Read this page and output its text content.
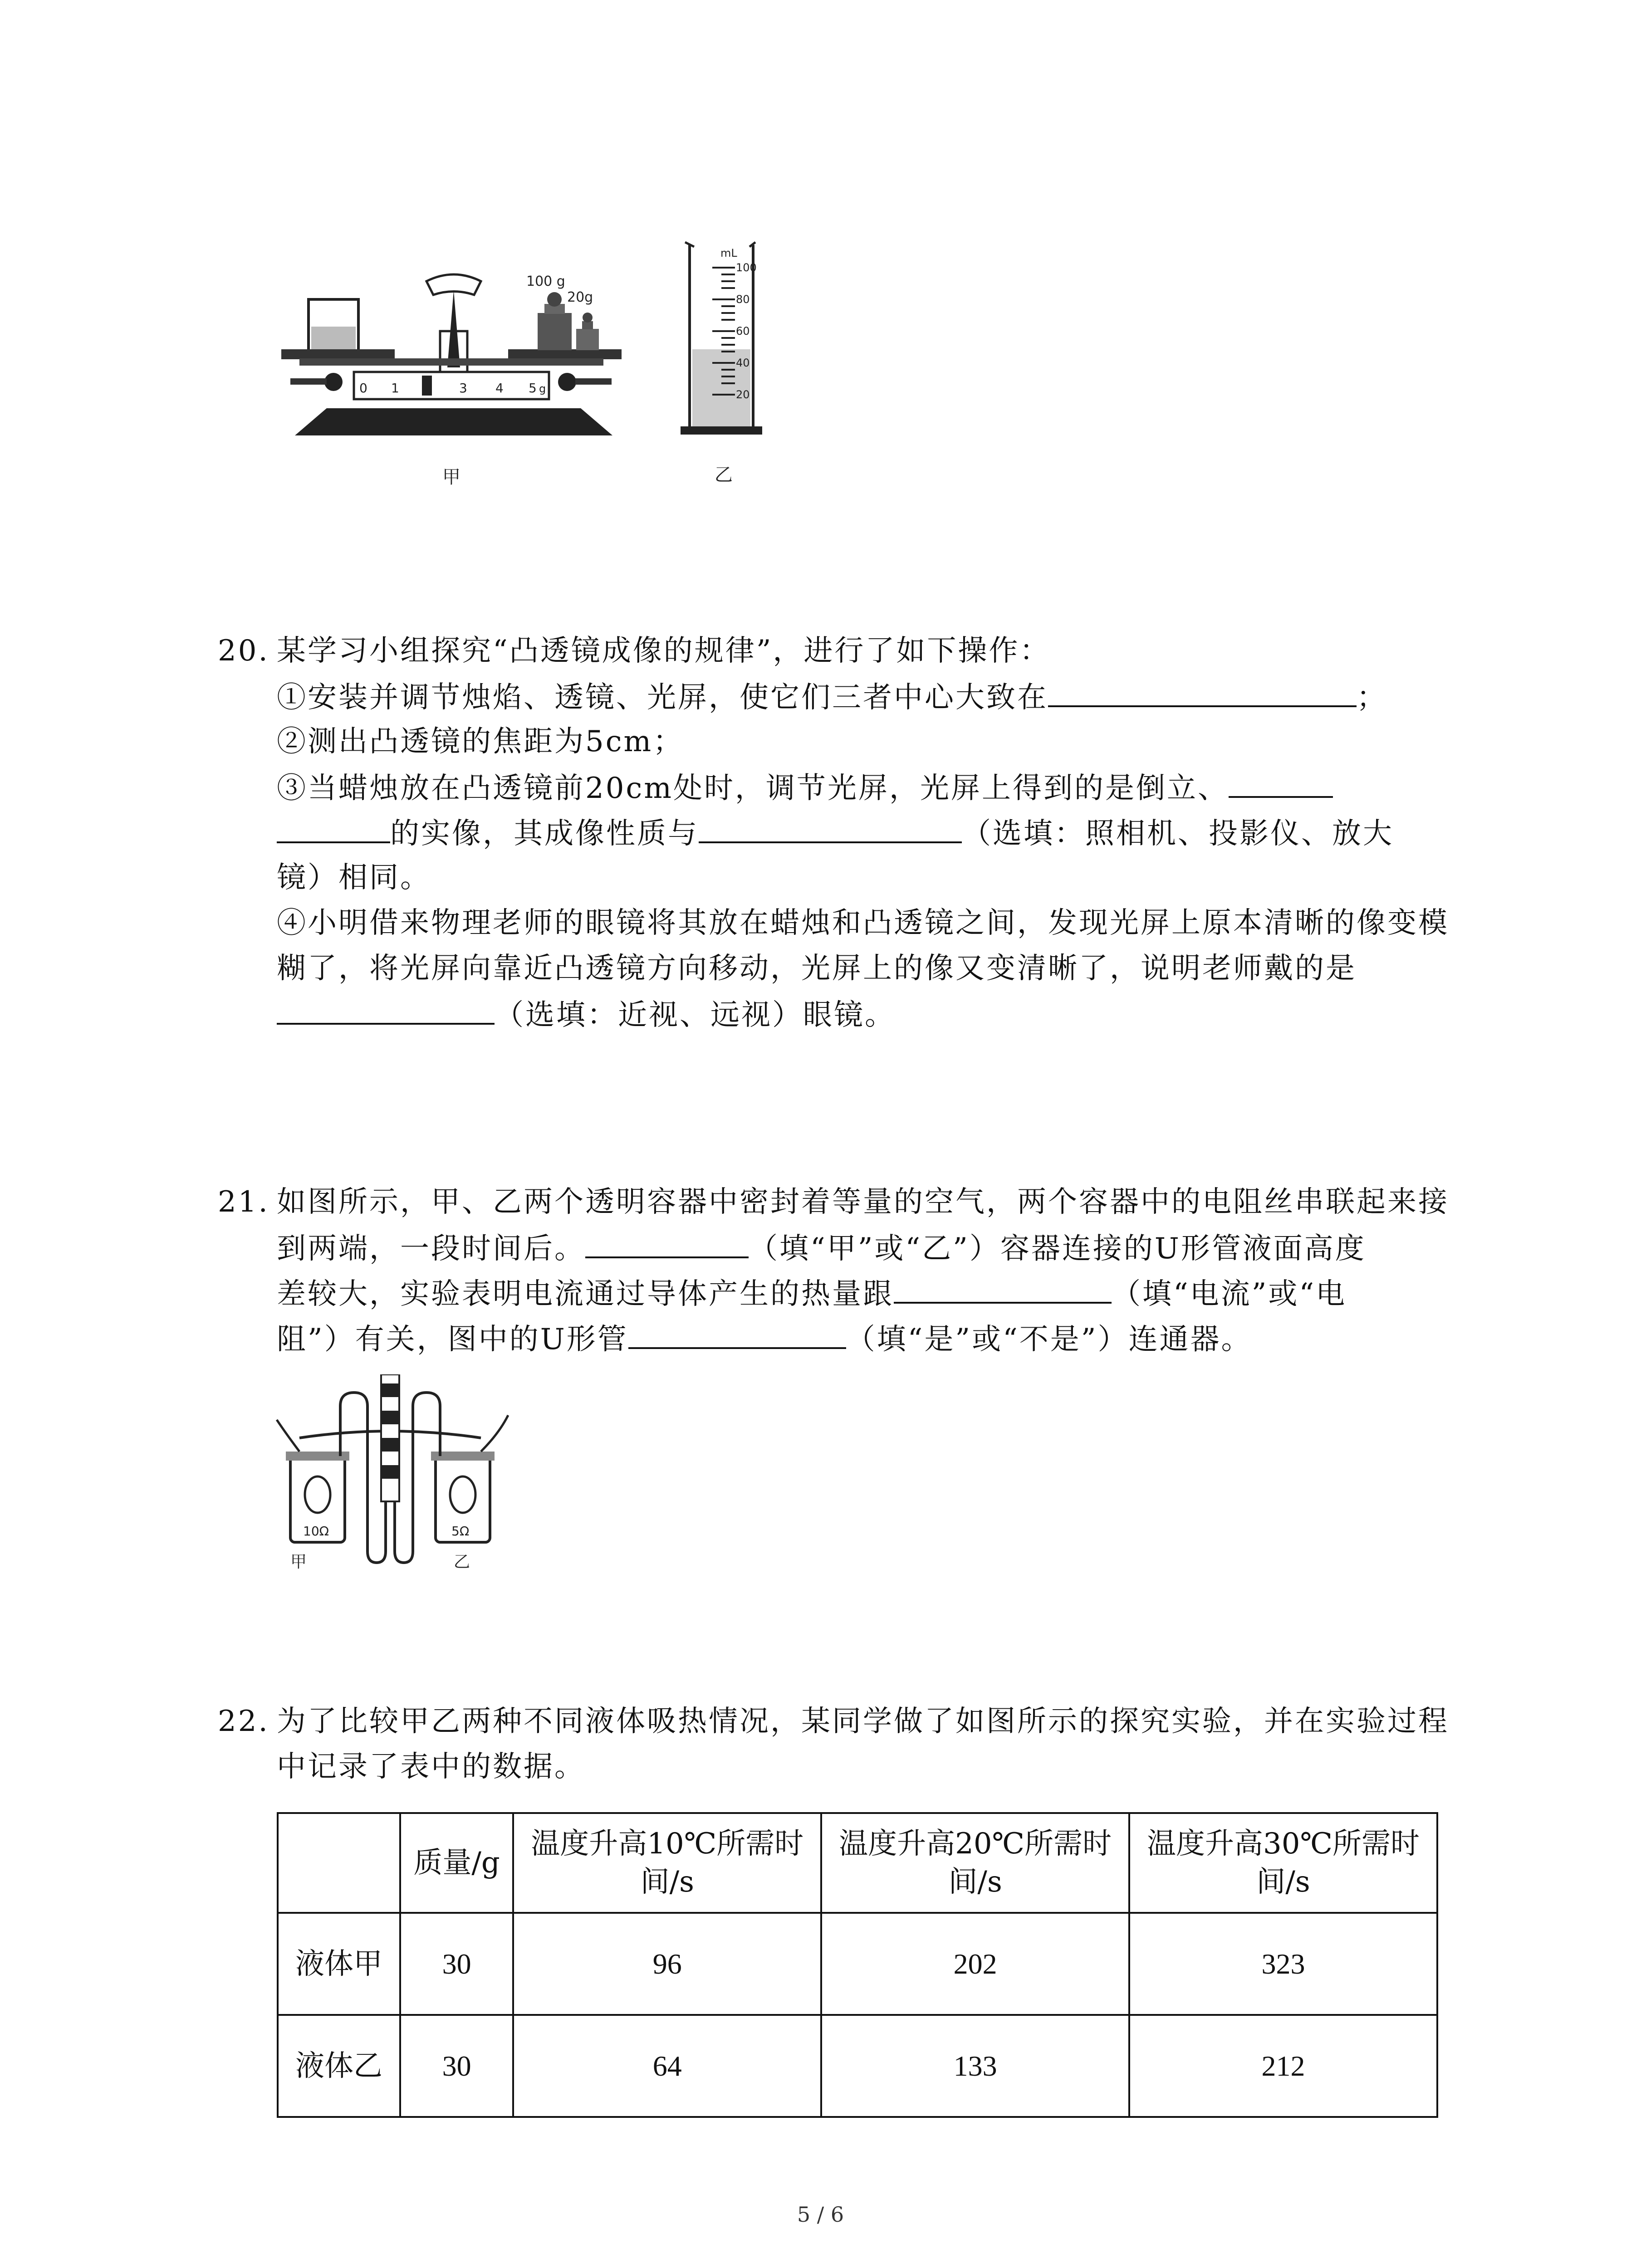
100 g
20g
0 1 2 3 4 5 g
甲
mL
100
80
60
40
20
乙
20. 某学习小组探究“凸透镜成像的规律”，进行了如下操作：
①安装并调节烛焰、透镜、光屏，使它们三者中心大致在	；
②测出凸透镜的焦距为5cm；
③当蜡烛放在凸透镜前20cm处时，调节光屏，光屏上得到的是倒立、
的实像，其成像性质与	（选填：照相机、投影仪、放大
镜）相同。
④小明借来物理老师的眼镜将其放在蜡烛和凸透镜之间，发现光屏上原本清晰的像变模
糊了，将光屏向靠近凸透镜方向移动，光屏上的像又变清晰了，说明老师戴的是
（选填：近视、远视）眼镜。
21. 如图所示，甲、乙两个透明容器中密封着等量的空气，两个容器中的电阻丝串联起来接
到两端，一段时间后。	（填“甲”或“乙”）容器连接的U形管液面高度
差较大，实验表明电流通过导体产生的热量跟	（填“电流”或“电
阻”）有关，图中的U形管	（填“是”或“不是”）连通器。
10Ω	5Ω
甲	乙
22. 为了比较甲乙两种不同液体吸热情况，某同学做了如图所示的探究实验，并在实验过程
中记录了表中的数据。
	质量/g	温度升高10℃所需时间/s	温度升高20℃所需时间/s	温度升高30℃所需时间/s
液体甲	30	96	202	323
液体乙	30	64	133	212
5 / 6
